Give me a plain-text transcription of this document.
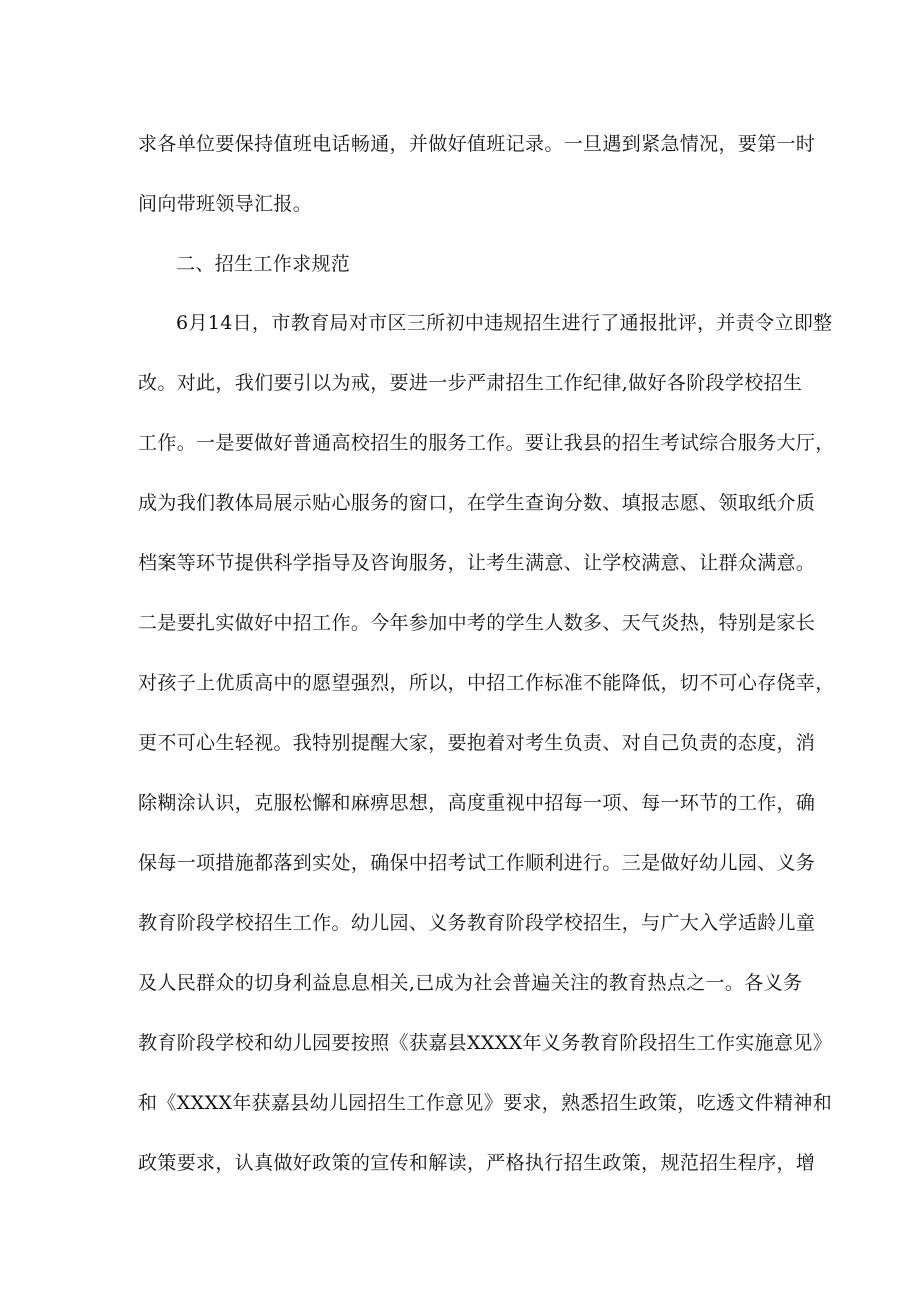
求各单位要保持值班电话畅通，并做好值班记录。一旦遇到紧急情况，要第一时
间向带班领导汇报。
二、招生工作求规范
6月14日，市教育局对市区三所初中违规招生进行了通报批评，并责令立即整
改。对此，我们要引以为戒，要进一步严肃招生工作纪律,做好各阶段学校招生
工作。一是要做好普通高校招生的服务工作。要让我县的招生考试综合服务大厅，
成为我们教体局展示贴心服务的窗口，在学生查询分数、填报志愿、领取纸介质
档案等环节提供科学指导及咨询服务，让考生满意、让学校满意、让群众满意。
二是要扎实做好中招工作。今年参加中考的学生人数多、天气炎热，特别是家长
对孩子上优质高中的愿望强烈，所以，中招工作标准不能降低，切不可心存侥幸，
更不可心生轻视。我特别提醒大家，要抱着对考生负责、对自己负责的态度，消
除糊涂认识，克服松懈和麻痹思想，高度重视中招每一项、每一环节的工作，确
保每一项措施都落到实处，确保中招考试工作顺利进行。三是做好幼儿园、义务
教育阶段学校招生工作。幼儿园、义务教育阶段学校招生，与广大入学适龄儿童
及人民群众的切身利益息息相关,已成为社会普遍关注的教育热点之一。各义务
教育阶段学校和幼儿园要按照《获嘉县XXXX年义务教育阶段招生工作实施意见》
和《XXXX年获嘉县幼儿园招生工作意见》要求，熟悉招生政策，吃透文件精神和
政策要求，认真做好政策的宣传和解读，严格执行招生政策，规范招生程序，增
